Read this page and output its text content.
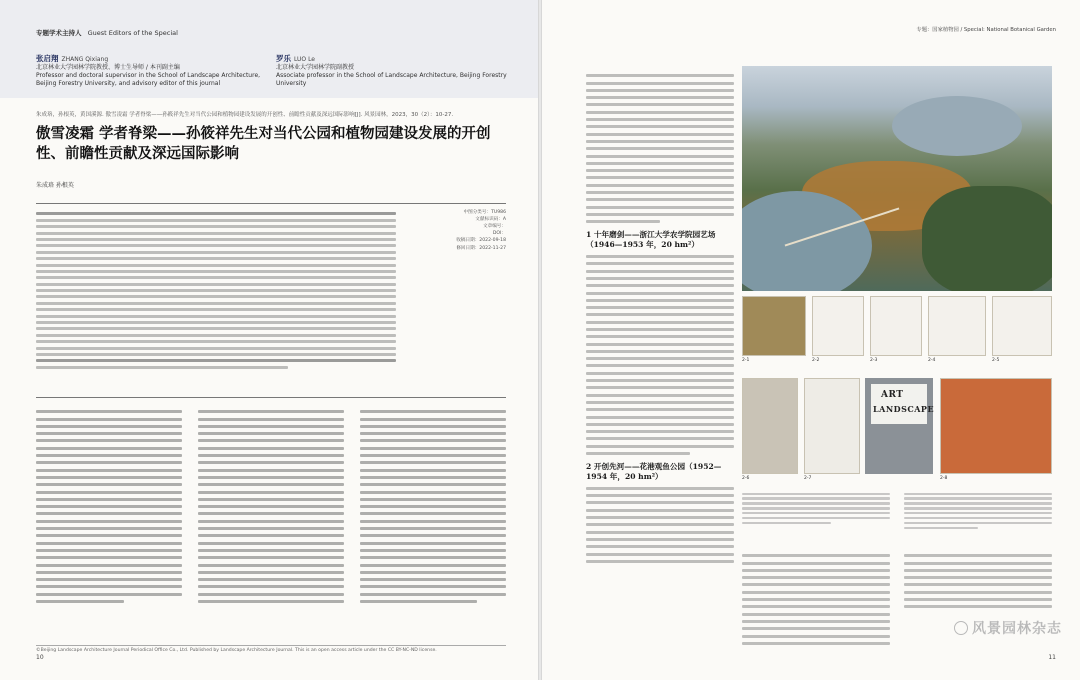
专题学术主持人 Guest Editors of the Special
张启翔 ZHANG Qixiang
北京林业大学园林学院教授、博士生导师 / 本刊副主编
Professor and doctoral supervisor in the School of Landscape Architecture,
Beijing Forestry University, and advisory editor of this journal
罗乐 LUO Le
北京林业大学园林学院副教授
Associate professor in the School of Landscape Architecture, Beijing Forestry
University
朱成珞，孙根英，黄国溪源. 傲雪凌霜 学者脊梁——孙筱祥先生对当代公园和植物园建设发展的开创性、前瞻性贡献及深远国际影响[J]. 风景园林，2023，30（2）：10-27.
傲雪凌霜 学者脊梁——孙筱祥先生对当代公园和植物园建设发展的开创性、前瞻性贡献及深远国际影响
朱成珞 孙根英
中图分类号：TU986
文献标识码：A
文章编号：
DOI：
收稿日期：2022-09-18
修回日期：2022-11-27
©Beijing Landscape Architecture Journal Periodical Office Co., Ltd. Published by Landscape Architecture Journal. This is an open access article under the CC BY-NC-ND license.
10
专题：国家植物园 / Special: National Botanical Garden
1 十年磨剑——浙江大学农学院园艺场（1946—1953 年，20 hm²）
2 开创先河——花港观鱼公园（1952—1954 年，20 hm²）
2-1	2-2	2-3	2-4	2-5
ART
LANDSCAPE
2-6	2-7	2-8
风景园林杂志
11
